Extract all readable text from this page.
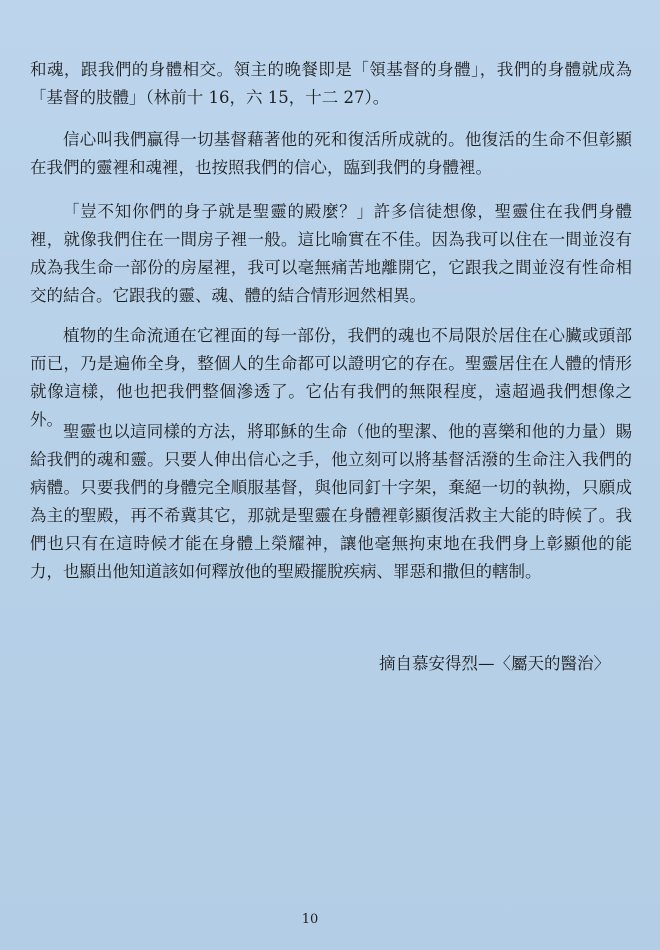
和魂，跟我們的身體相交。領主的晚餐即是「領基督的身體」，我們的身體就成為「基督的肢體」（林前十 16，六 15，十二 27）。

信心叫我們贏得一切基督藉著他的死和復活所成就的。他復活的生命不但彰顯在我們的靈裡和魂裡，也按照我們的信心，臨到我們的身體裡。

「豈不知你們的身子就是聖靈的殿麼？」許多信徒想像，聖靈住在我們身體裡，就像我們住在一間房子裡一般。這比喻實在不佳。因為我可以住在一間並沒有成為我生命一部份的房屋裡，我可以毫無痛苦地離開它，它跟我之間並沒有性命相交的結合。它跟我的靈、魂、體的結合情形迥然相異。

植物的生命流通在它裡面的每一部份，我們的魂也不局限於居住在心臟或頭部而已，乃是遍佈全身，整個人的生命都可以證明它的存在。聖靈居住在人體的情形就像這樣，他也把我們整個滲透了。它佔有我們的無限程度，遠超過我們想像之外。

聖靈也以這同樣的方法，將耶穌的生命（他的聖潔、他的喜樂和他的力量）賜給我們的魂和靈。只要人伸出信心之手，他立刻可以將基督活潑的生命注入我們的病體。只要我們的身體完全順服基督，與他同釘十字架，棄絕一切的執拗，只願成為主的聖殿，再不希冀其它，那就是聖靈在身體裡彰顯復活救主大能的時候了。我們也只有在這時候才能在身體上榮耀神，讓他毫無拘束地在我們身上彰顯他的能力，也顯出他知道該如何釋放他的聖殿擺脫疾病、罪惡和撒但的轄制。

摘自慕安得烈—〈屬天的醫治〉
10
